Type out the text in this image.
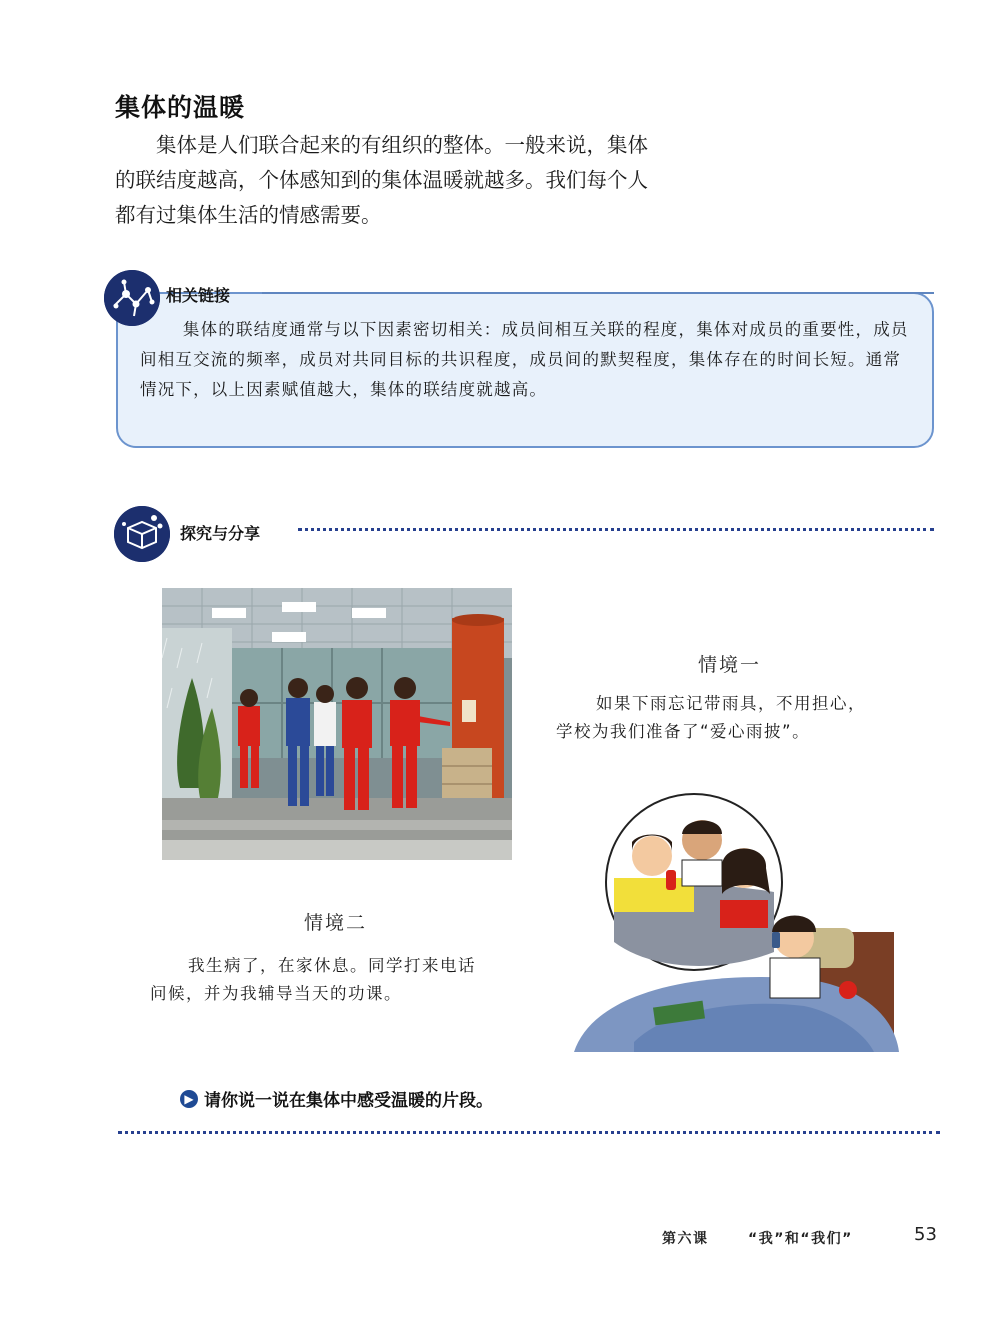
集体的温暖
集体是人们联合起来的有组织的整体。一般来说，集体
的联结度越高，个体感知到的集体温暖就越多。我们每个人
都有过集体生活的情感需要。
相关链接

集体的联结度通常与以下因素密切相关：成员间相互关联的程度，集体对成员的重要性，成员间相互交流的频率，成员对共同目标的共识程度，成员间的默契程度，集体存在的时间长短。通常情况下，以上因素赋值越大，集体的联结度就越高。

探究与分享
情境一
如果下雨忘记带雨具，不用担心，
学校为我们准备了“爱心雨披”。
情境二
我生病了，在家休息。同学打来电话
问候，并为我辅导当天的功课。
▶ 请你说一说在集体中感受温暖的片段。
第六课	“我”和“我们”	53
